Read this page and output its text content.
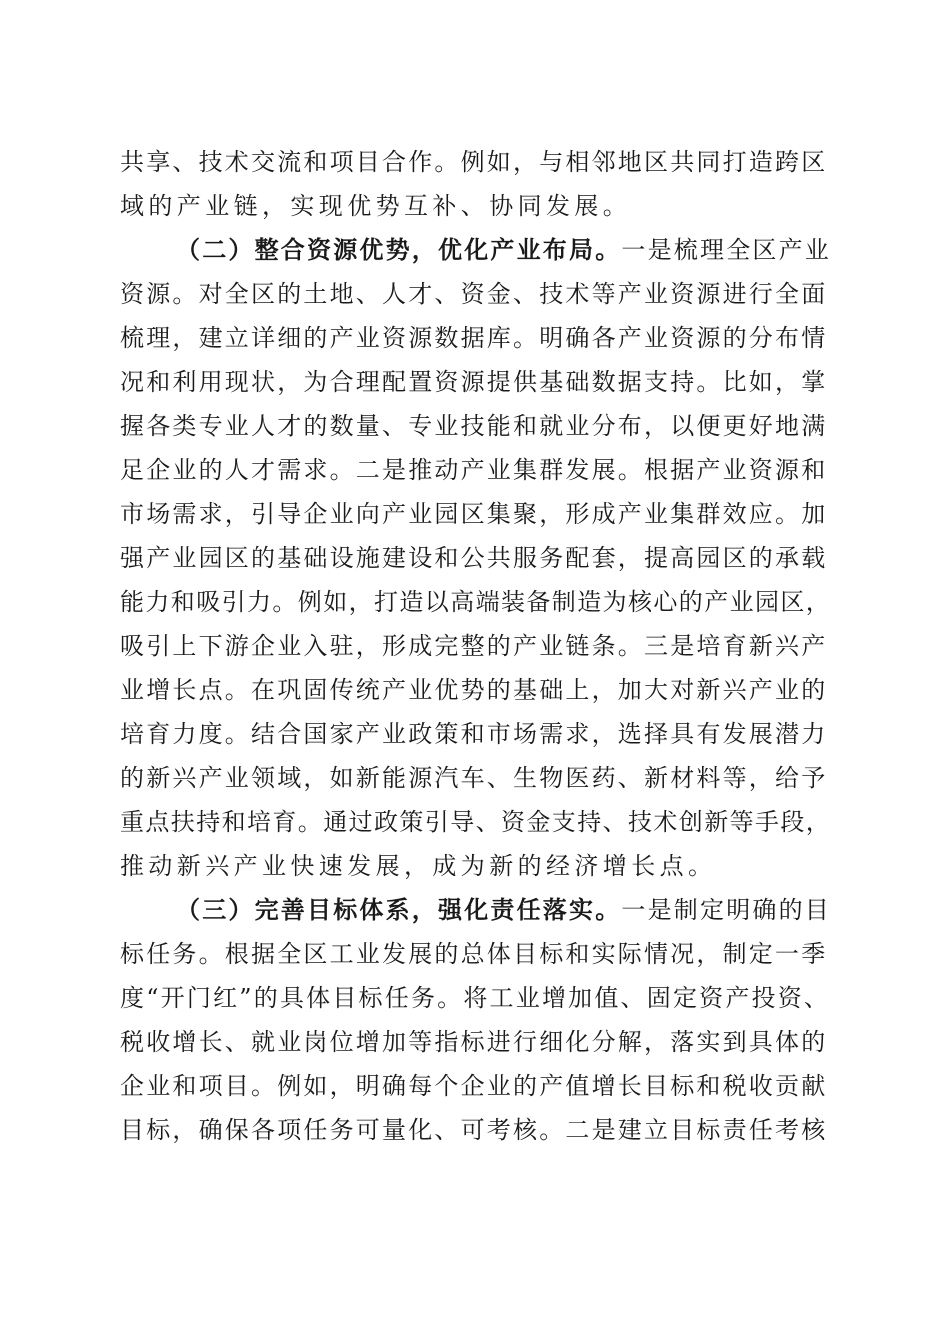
共享、技术交流和项目合作。例如，与相邻地区共同打造跨区
域的产业链，实现优势互补、协同发展。
（二）整合资源优势，优化产业布局。一是梳理全区产业
资源。对全区的土地、人才、资金、技术等产业资源进行全面
梳理，建立详细的产业资源数据库。明确各产业资源的分布情
况和利用现状，为合理配置资源提供基础数据支持。比如，掌
握各类专业人才的数量、专业技能和就业分布，以便更好地满
足企业的人才需求。二是推动产业集群发展。根据产业资源和
市场需求，引导企业向产业园区集聚，形成产业集群效应。加
强产业园区的基础设施建设和公共服务配套，提高园区的承载
能力和吸引力。例如，打造以高端装备制造为核心的产业园区，
吸引上下游企业入驻，形成完整的产业链条。三是培育新兴产
业增长点。在巩固传统产业优势的基础上，加大对新兴产业的
培育力度。结合国家产业政策和市场需求，选择具有发展潜力
的新兴产业领域，如新能源汽车、生物医药、新材料等，给予
重点扶持和培育。通过政策引导、资金支持、技术创新等手段，
推动新兴产业快速发展，成为新的经济增长点。
（三）完善目标体系，强化责任落实。一是制定明确的目
标任务。根据全区工业发展的总体目标和实际情况，制定一季
度“开门红”的具体目标任务。将工业增加值、固定资产投资、
税收增长、就业岗位增加等指标进行细化分解，落实到具体的
企业和项目。例如，明确每个企业的产值增长目标和税收贡献
目标，确保各项任务可量化、可考核。二是建立目标责任考核
